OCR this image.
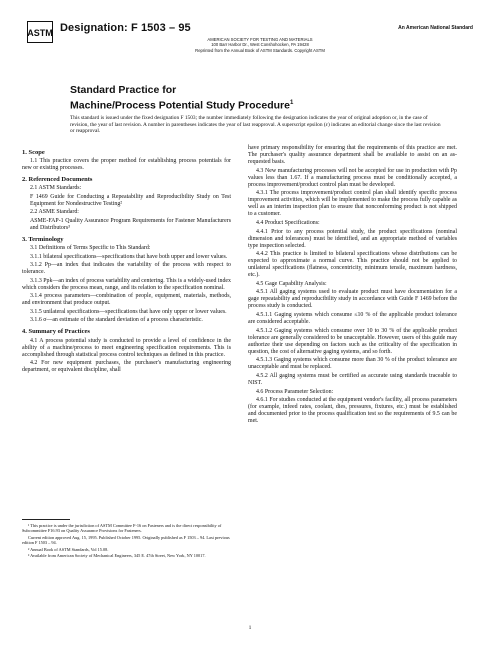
ASTM Designation: F 1503 – 95	An American National Standard
AMERICAN SOCIETY FOR TESTING AND MATERIALS
100 Barr Harbor Dr., West Conshohocken, PA 19428
Reprinted from the Annual Book of ASTM Standards. Copyright ASTM
Standard Practice for
Machine/Process Potential Study Procedure$^1$

This standard is issued under the fixed designation F 1503; the number immediately following the designation indicates the year of original adoption or, in the case of revision, the year of last revision. A number in parentheses indicates the year of last reapproval. A superscript epsilon (ε) indicates an editorial change since the last revision or reapproval.

1. Scope

1.1 This practice covers the proper method for establishing process potentials for new or existing processes.

2. Referenced Documents

2.1 ASTM Standards:

F 1469 Guide for Conducting a Repeatability and Reproducibility Study on Test Equipment for Nondestructive Testing²

2.2 ASME Standard:

ASME-FAP-1 Quality Assurance Program Requirements for Fastener Manufacturers and Distributors³

3. Terminology

3.1 Definitions of Terms Specific to This Standard:

3.1.1 bilateral specifications—specifications that have both upper and lower values.

3.1.2 Pp—an index that indicates the variability of the process with respect to tolerance.

3.1.3 Ppk—an index of process variability and centering. This is a widely-used index which considers the process mean, range, and its relation to the specification nominal.

3.1.4 process parameters—combination of people, equipment, materials, methods, and environment that produce output.

3.1.5 unilateral specifications—specifications that have only upper or lower values.

3.1.6 σ—an estimate of the standard deviation of a process characteristic.

4. Summary of Practices

4.1 A process potential study is conducted to provide a level of confidence in the ability of a machine/process to meet engineering specification requirements. This is accomplished through statistical process control techniques as defined in this practice.

4.2 For new equipment purchases, the purchaser's manufacturing engineering department, or equivalent discipline, shall

¹ This practice is under the jurisdiction of ASTM Committee F-16 on Fasteners and is the direct responsibility of Subcommittee F16.93 on Quality Assurance Provisions for Fasteners.

Current edition approved Aug. 15, 1995. Published October 1995. Originally published as F 1503 – 94. Last previous edition F 1503 – 94.

² Annual Book of ASTM Standards, Vol 15.08.

³ Available from American Society of Mechanical Engineers, 345 E. 47th Street, New York, NY 10017.

have primary responsibility for ensuring that the requirements of this practice are met. The purchaser's quality assurance department shall be available to assist on an as-requested basis.

4.3 New manufacturing processes will not be accepted for use in production with Pp values less than 1.67. If a manufacturing process must be conditionally accepted, a process improvement/product control plan must be developed.

4.3.1 The process improvement/product control plan shall identify specific process improvement activities, which will be implemented to make the process fully capable as well as an interim inspection plan to ensure that nonconforming product is not shipped to a customer.

4.4 Product Specifications:

4.4.1 Prior to any process potential study, the product specifications (nominal dimension and tolerances) must be identified, and an appropriate method of variables type inspection selected.

4.4.2 This practice is limited to bilateral specifications whose distributions can be expected to approximate a normal curve. This practice should not be applied to unilateral specifications (flatness, concentricity, minimum tensile, maximum hardness, etc.).

4.5 Gage Capability Analysis:

4.5.1 All gaging systems used to evaluate product must have documentation for a gage repeatability and reproducibility study in accordance with Guide F 1469 before the process study is conducted.

4.5.1.1 Gaging systems which consume ≤10 % of the applicable product tolerance are considered acceptable.

4.5.1.2 Gaging systems which consume over 10 to 30 % of the applicable product tolerance are generally considered to be unacceptable. However, users of this guide may authorize their use depending on factors such as the criticality of the specification in question, the cost of alternative gaging systems, and so forth.

4.5.1.3 Gaging systems which consume more than 30 % of the product tolerance are unacceptable and must be replaced.

4.5.2 All gaging systems must be certified as accurate using standards traceable to NIST.

4.6 Process Parameter Selection:

4.6.1 For studies conducted at the equipment vendor's facility, all process parameters (for example, infeed rates, coolant, dies, pressures, fixtures, etc.) must be established and documented prior to the process qualification test so the requirements of 9.5 can be met.

1
